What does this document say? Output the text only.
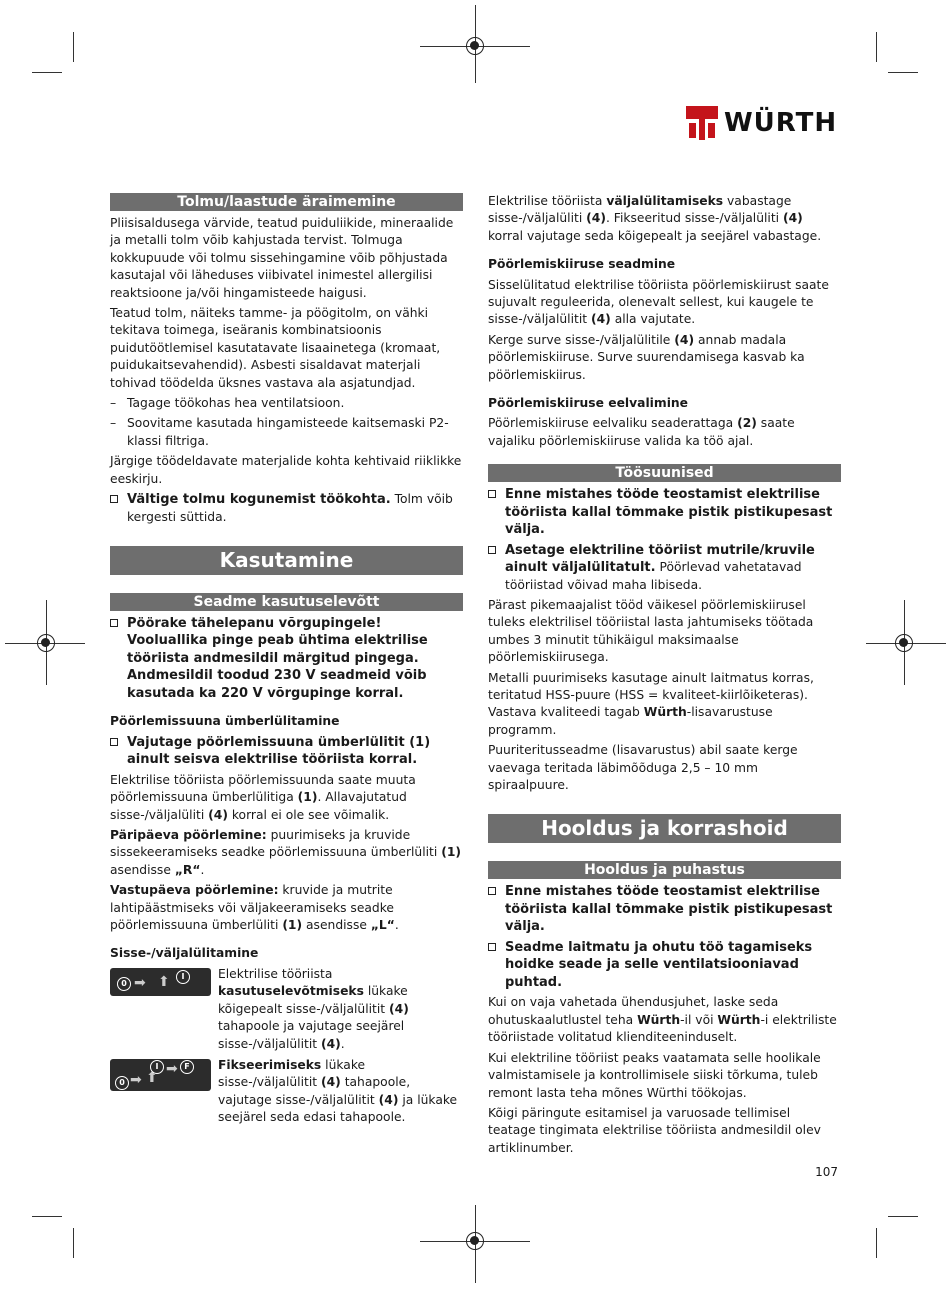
WÜRTH
Tolmu/laastude äraimemine

Pliisisaldusega värvide, teatud puiduliikide, mineraalide ja metalli tolm võib kahjustada tervist. Tolmuga kokkupuude või tolmu sissehingamine võib põhjustada kasutajal või läheduses viibivatel inimestel allergilisi reaktsioone ja/või hingamisteede haigusi.

Teatud tolm, näiteks tamme- ja pöögitolm, on vähki tekitava toimega, iseäranis kombinatsioonis puidutöötlemisel kasutatavate lisaainetega (kromaat, puidukaitsevahendid). Asbesti sisaldavat materjali tohivad töödelda üksnes vastava ala asjatundjad.

– Tagage töökohas hea ventilatsioon.
– Soovitame kasutada hingamisteede kaitsemaski P2-klassi filtriga.

Järgige töödeldavate materjalide kohta kehtivaid riiklikke eeskirju.

Vältige tolmu kogunemist töökohta. Tolm võib kergesti süttida.
Kasutamine
Seadme kasutuselevõtt
Pöörake tähelepanu võrgupingele! Vooluallika pinge peab ühtima elektrilise tööriista andmesildil märgitud pingega. Andmesildil toodud 230 V seadmeid võib kasutada ka 220 V võrgupinge korral.
Pöörlemissuuna ümberlülitamine
Vajutage pöörlemissuuna ümberlülitit (1) ainult seisva elektrilise tööriista korral.

Elektrilise tööriista pöörlemissuunda saate muuta pöörlemissuuna ümberlülitiga (1). Allavajutatud sisse-/väljalüliti (4) korral ei ole see võimalik.

Päripäeva pöörlemine: puurimiseks ja kruvide sissekeeramiseks seadke pöörlemissuuna ümberlüliti (1) asendisse „R“.

Vastupäeva pöörlemine: kruvide ja mutrite lahtipäästmiseks või väljakeeramiseks seadke pöörlemissuuna ümberlüliti (1) asendisse „L“.

Sisse-/väljalülitamine
0 ➡ ⬆	I	Elektrilise tööriista kasutuselevõtmiseks lükake kõigepealt sisse-/väljalülitit (4) tahapoole ja vajutage seejärel sisse-/väljalülitit (4).
0 ➡ ⬆
I ➡ F	Fikseerimiseks lükake sisse-/väljalülitit (4) tahapoole, vajutage sisse-/väljalülitit (4) ja lükake seejärel seda edasi tahapoole.

Elektrilise tööriista väljalülitamiseks vabastage sisse-/väljalüliti (4). Fikseeritud sisse-/väljalüliti (4) korral vajutage seda kõigepealt ja seejärel vabastage.

Pöörlemiskiiruse seadmine

Sisselülitatud elektrilise tööriista pöörlemiskiirust saate sujuvalt reguleerida, olenevalt sellest, kui kaugele te sisse-/väljalülitit (4) alla vajutate.

Kerge surve sisse-/väljalülitile (4) annab madala pöörlemiskiiruse. Surve suurendamisega kasvab ka pöörlemiskiirus.

Pöörlemiskiiruse eelvalimine

Pöörlemiskiiruse eelvaliku seaderattaga (2) saate vajaliku pöörlemiskiiruse valida ka töö ajal.

Töösuunised
Enne mistahes tööde teostamist elektrilise tööriista kallal tõmmake pistik pistikupesast välja.
Asetage elektriline tööriist mutrile/kruvile ainult väljalülitatult. Pöörlevad vahetatavad tööriistad võivad maha libiseda.

Pärast pikemaajalist tööd väikesel pöörlemiskiirusel tuleks elektrilisel tööriistal lasta jahtumiseks töötada umbes 3 minutit tühikäigul maksimaalse pöörlemiskiirusega.

Metalli puurimiseks kasutage ainult laitmatus korras, teritatud HSS-puure (HSS = kvaliteet-kiirlõiketeras). Vastava kvaliteedi tagab Würth-lisavarustuse programm.

Puuriteritusseadme (lisavarustus) abil saate kerge vaevaga teritada läbimõõduga 2,5 – 10 mm spiraalpuure.

Hooldus ja korrashoid
Hooldus ja puhastus
Enne mistahes tööde teostamist elektrilise tööriista kallal tõmmake pistik pistikupesast välja.
Seadme laitmatu ja ohutu töö tagamiseks hoidke seade ja selle ventilatsiooniavad puhtad.

Kui on vaja vahetada ühendusjuhet, laske seda ohutuskaalutlustel teha Würth-il või Würth-i elektriliste tööriistade volitatud klienditeeninduselt.

Kui elektriline tööriist peaks vaatamata selle hoolikale valmistamisele ja kontrollimisele siiski tõrkuma, tuleb remont lasta teha mõnes Würthi töökojas.

Kõigi päringute esitamisel ja varuosade tellimisel teatage tingimata elektrilise tööriista andmesildil olev artiklinumber.

107
